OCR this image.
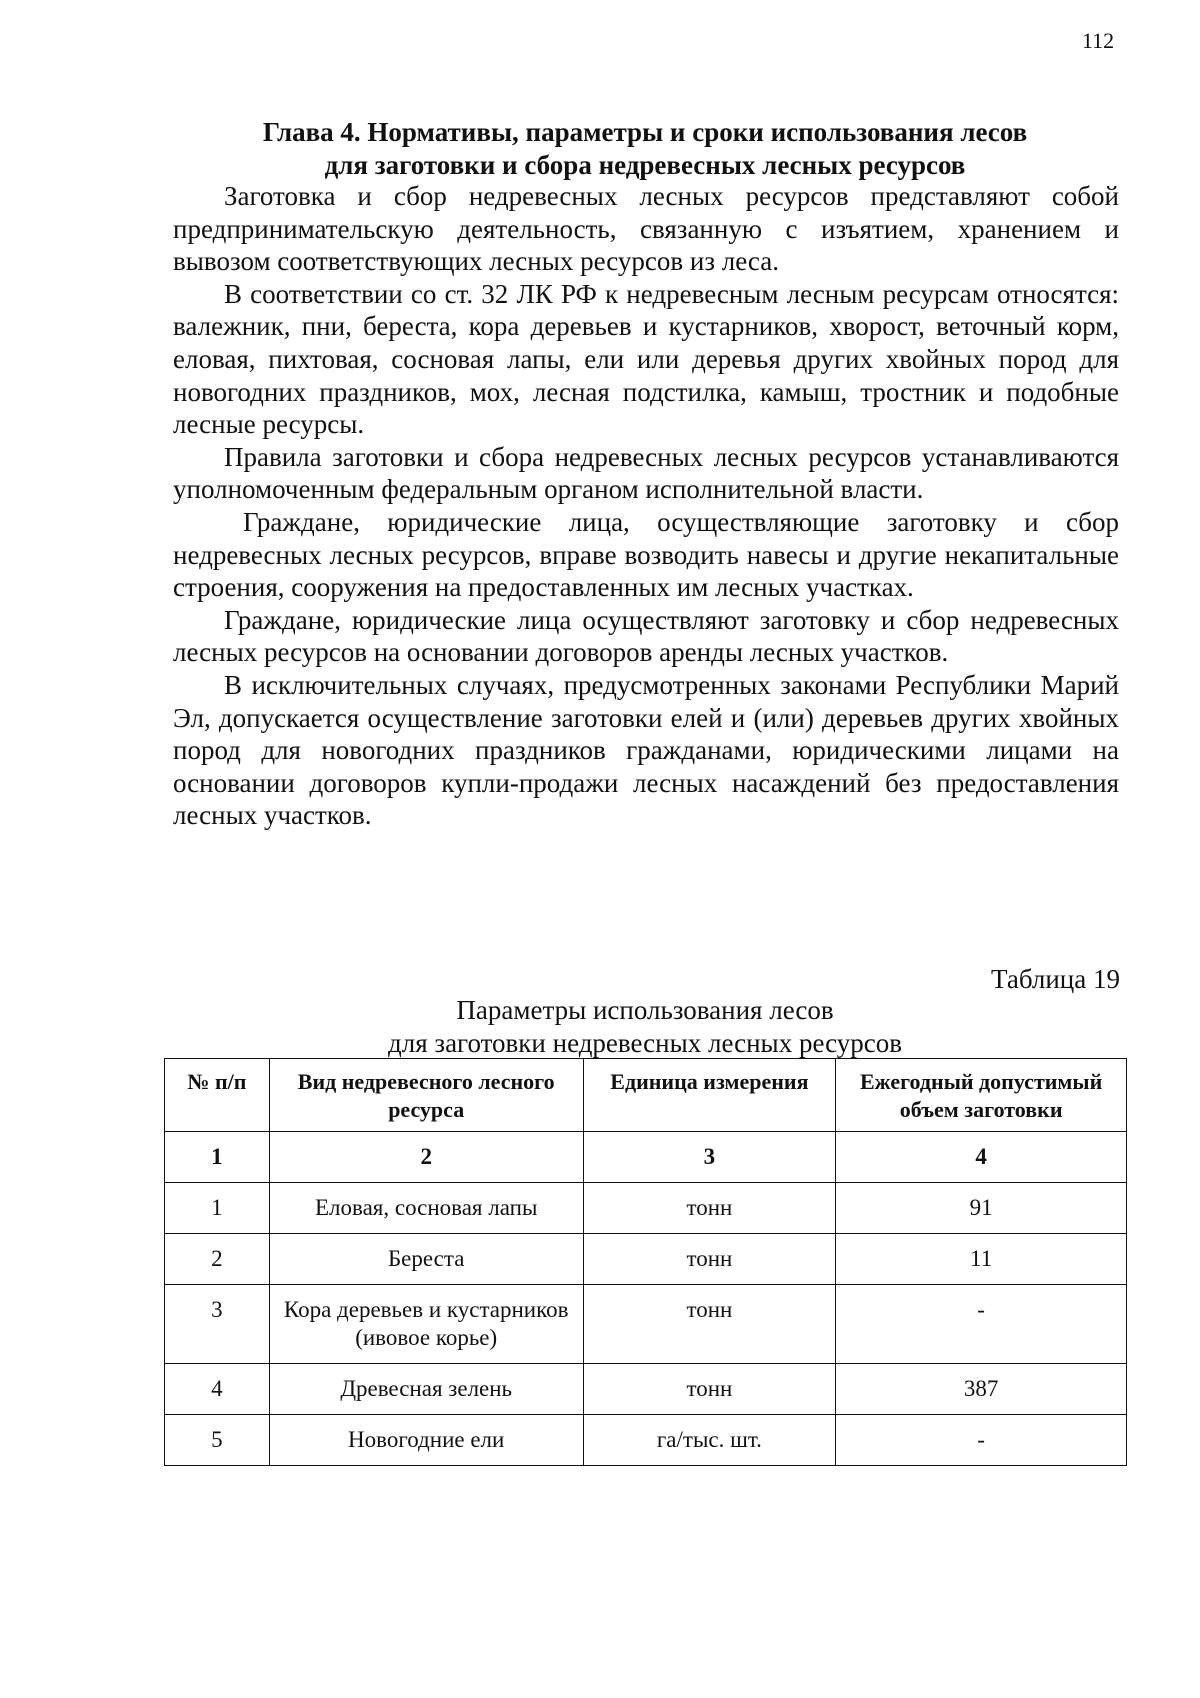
112
Глава 4. Нормативы, параметры и сроки использования лесов
для заготовки и сбора недревесных лесных ресурсов

Заготовка и сбор недревесных лесных ресурсов представляют собой предпринимательскую деятельность, связанную с изъятием, хранением и вывозом соответствующих лесных ресурсов из леса.

В соответствии со ст. 32 ЛК РФ к недревесным лесным ресурсам относятся: валежник, пни, береста, кора деревьев и кустарников, хворост, веточный корм, еловая, пихтовая, сосновая лапы, ели или деревья других хвойных пород для новогодних праздников, мох, лесная подстилка, камыш, тростник и подобные лесные ресурсы.

Правила заготовки и сбора недревесных лесных ресурсов устанавливаются уполномоченным федеральным органом исполнительной власти.

Граждане, юридические лица, осуществляющие заготовку и сбор недревесных лесных ресурсов, вправе возводить навесы и другие некапитальные строения, сооружения на предоставленных им лесных участках.

Граждане, юридические лица осуществляют заготовку и сбор недревесных лесных ресурсов на основании договоров аренды лесных участков.

В исключительных случаях, предусмотренных законами Республики Марий Эл, допускается осуществление заготовки елей и (или) деревьев других хвойных пород для новогодних праздников гражданами, юридическими лицами на основании договоров купли-продажи лесных насаждений без предоставления лесных участков.

Таблица 19
Параметры использования лесов
для заготовки недревесных лесных ресурсов
№ п/п	Вид недревесного лесного ресурса	Единица измерения	Ежегодный допустимый объем заготовки
1	2	3	4
1	Еловая, сосновая лапы	тонн	91
2	Береста	тонн	11
3	Кора деревьев и кустарников (ивовое корье)	тонн	-
4	Древесная зелень	тонн	387
5	Новогодние ели	га/тыс. шт.	-
